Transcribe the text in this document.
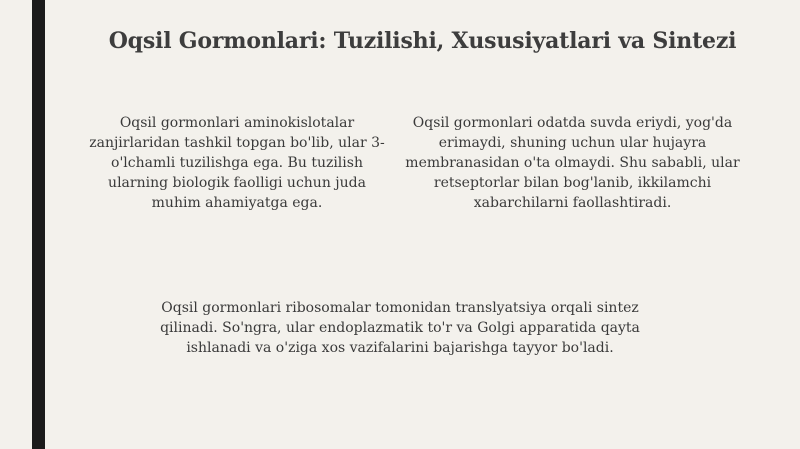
Oqsil Gormonlari: Tuzilishi, Xususiyatlari va Sintezi

Oqsil gormonlari aminokislotalar zanjirlaridan tashkil topgan bo'lib, ular 3-o'lchamli tuzilishga ega. Bu tuzilish ularning biologik faolligi uchun juda muhim ahamiyatga ega.

Oqsil gormonlari odatda suvda eriydi, yog'da erimaydi, shuning uchun ular hujayra membranasidan o'ta olmaydi. Shu sababli, ular retseptorlar bilan bog'lanib, ikkilamchi xabarchilarni faollashtiradi.

Oqsil gormonlari ribosomalar tomonidan translyatsiya orqali sintez qilinadi. So'ngra, ular endoplazmatik to'r va Golgi apparatida qayta ishlanadi va o'ziga xos vazifalarini bajarishga tayyor bo'ladi.
